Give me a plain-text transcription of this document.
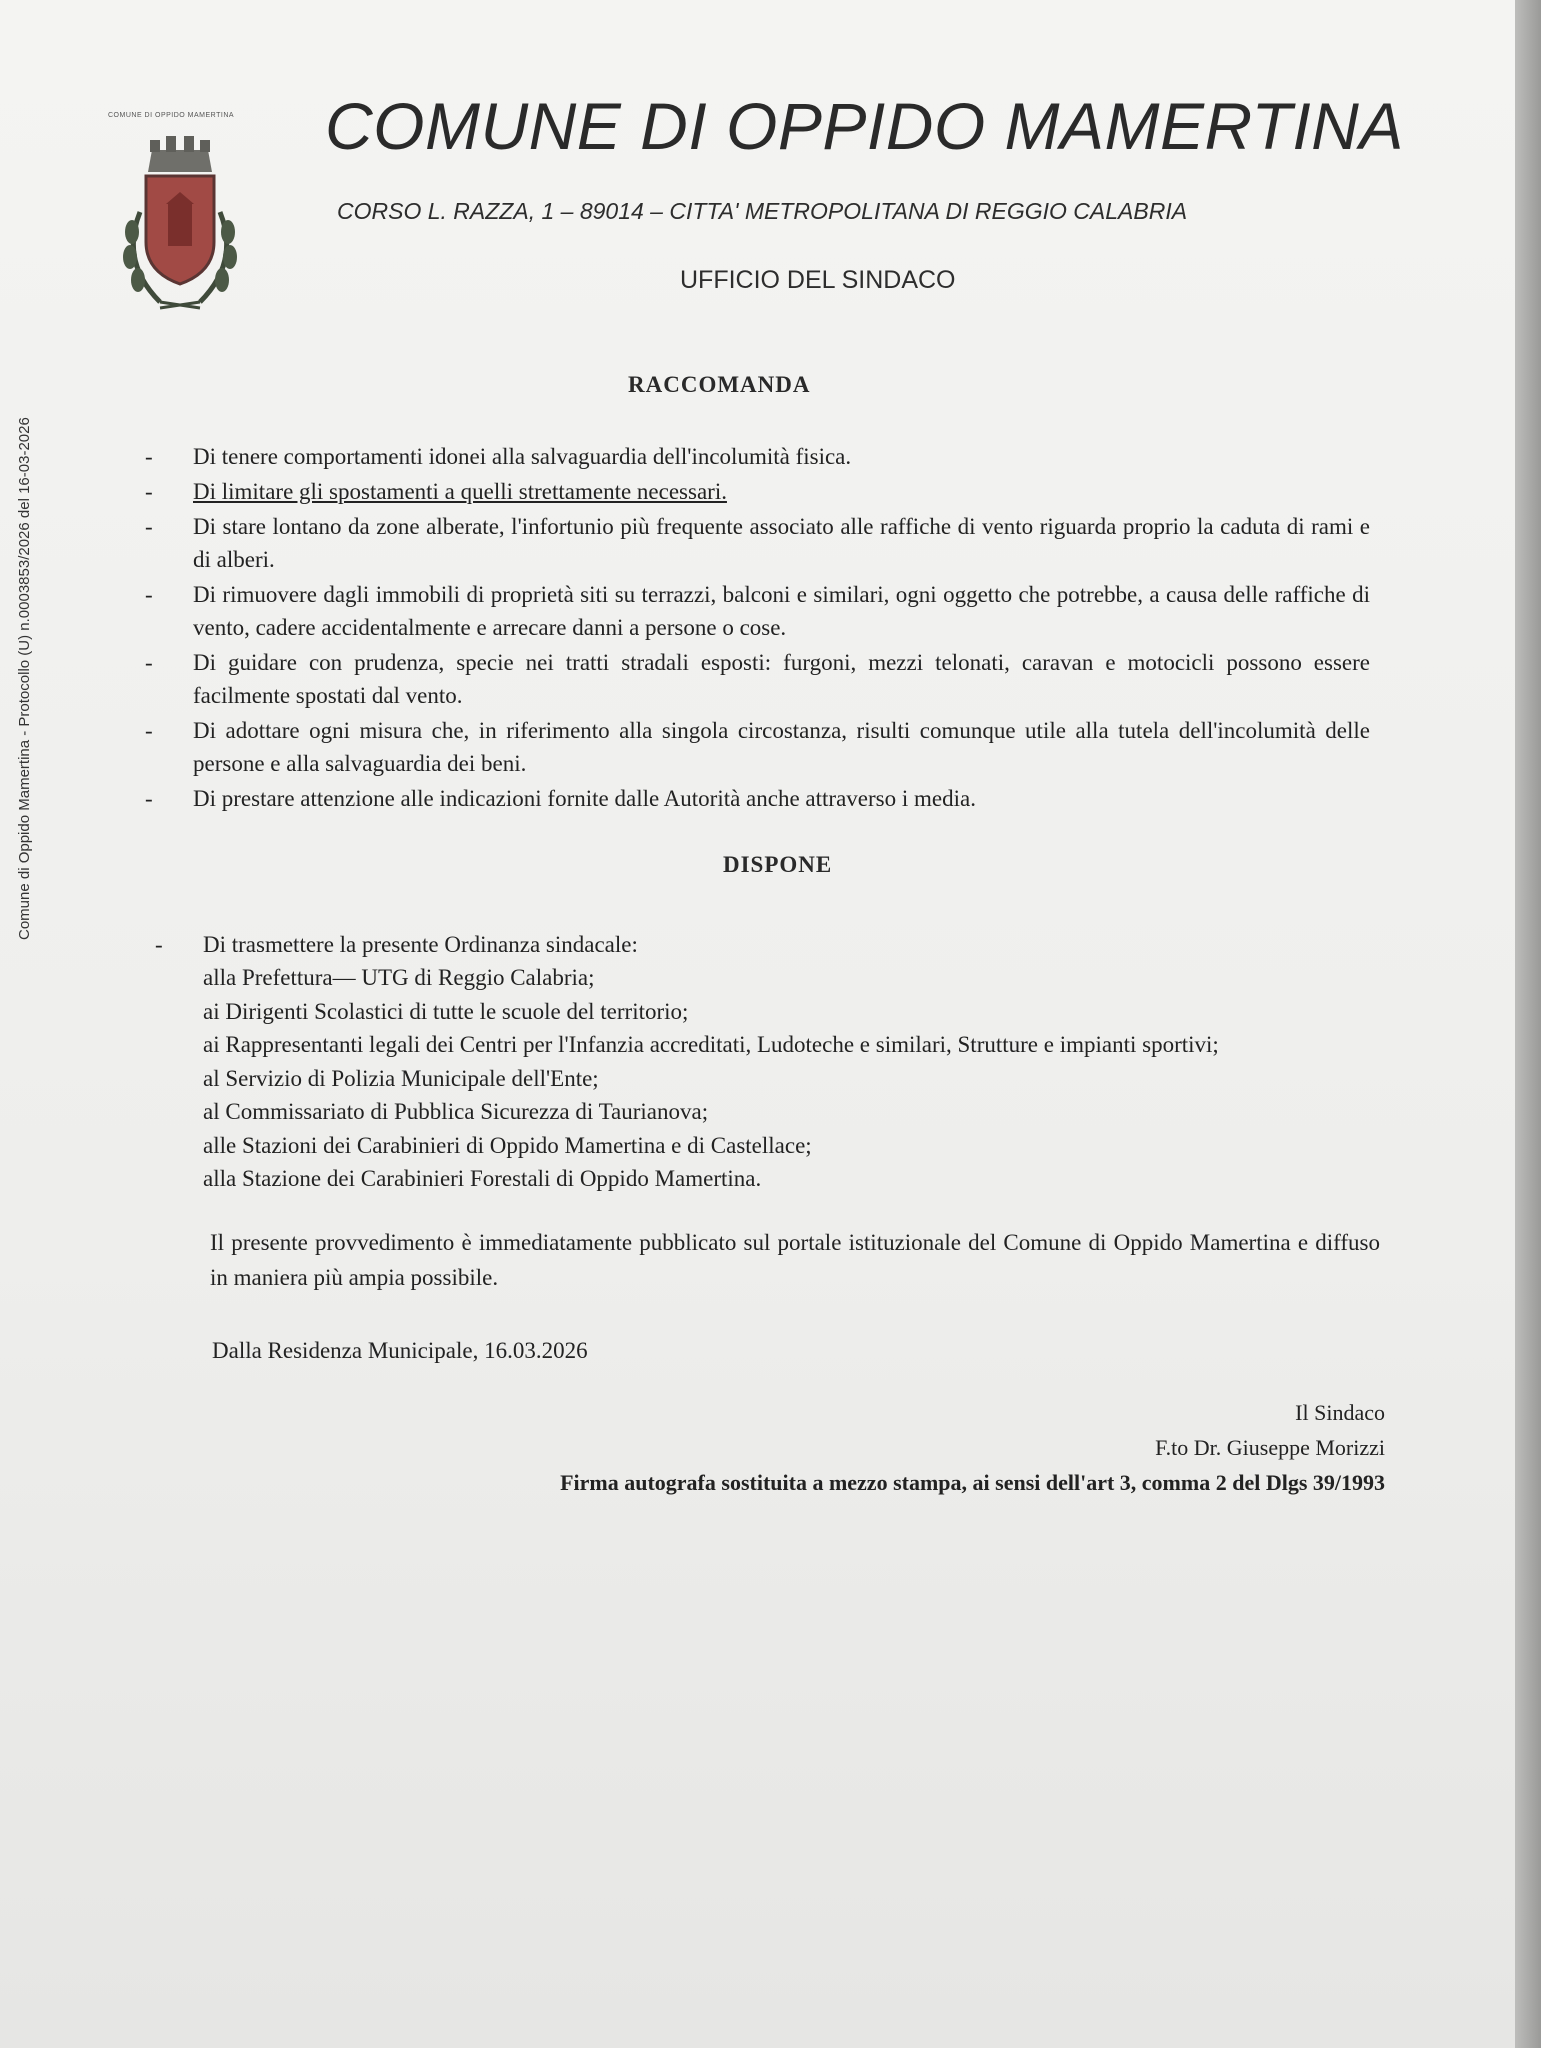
Comune di Oppido Mamertina - Protocollo (U) n.0003853/2026 del 16-03-2026
COMUNE DI OPPIDO MAMERTINA COMUNE DI OPPIDO MAMERTINA
CORSO L. RAZZA, 1 – 89014 – CITTA' METROPOLITANA DI REGGIO CALABRIA
UFFICIO DEL SINDACO
RACCOMANDA
- Di tenere comportamenti idonei alla salvaguardia dell'incolumità fisica.
- Di limitare gli spostamenti a quelli strettamente necessari.
- Di stare lontano da zone alberate, l'infortunio più frequente associato alle raffiche di vento riguarda proprio la caduta di rami e di alberi.
- Di rimuovere dagli immobili di proprietà siti su terrazzi, balconi e similari, ogni oggetto che potrebbe, a causa delle raffiche di vento, cadere accidentalmente e arrecare danni a persone o cose.
- Di guidare con prudenza, specie nei tratti stradali esposti: furgoni, mezzi telonati, caravan e motocicli possono essere facilmente spostati dal vento.
- Di adottare ogni misura che, in riferimento alla singola circostanza, risulti comunque utile alla tutela dell'incolumità delle persone e alla salvaguardia dei beni.
- Di prestare attenzione alle indicazioni fornite dalle Autorità anche attraverso i media.
DISPONE
- Di trasmettere la presente Ordinanza sindacale:
alla Prefettura— UTG di Reggio Calabria;
ai Dirigenti Scolastici di tutte le scuole del territorio;
ai Rappresentanti legali dei Centri per l'Infanzia accreditati, Ludoteche e similari, Strutture e impianti sportivi;
al Servizio di Polizia Municipale dell'Ente;
al Commissariato di Pubblica Sicurezza di Taurianova;
alle Stazioni dei Carabinieri di Oppido Mamertina e di Castellace;
alla Stazione dei Carabinieri Forestali di Oppido Mamertina.
Il presente provvedimento è immediatamente pubblicato sul portale istituzionale del Comune di Oppido Mamertina e diffuso in maniera più ampia possibile.
Dalla Residenza Municipale, 16.03.2026
Il Sindaco
F.to Dr. Giuseppe Morizzi
Firma autografa sostituita a mezzo stampa, ai sensi dell'art 3, comma 2 del Dlgs 39/1993
